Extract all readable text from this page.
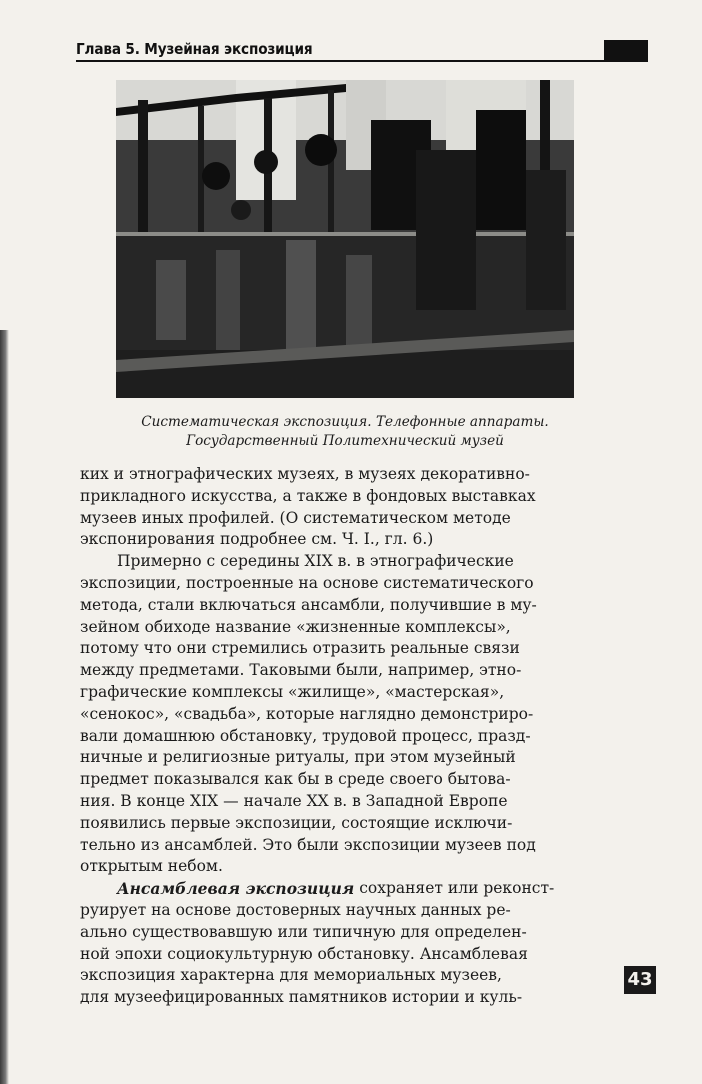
Глава 5. Музейная экспозиция
Систематическая экспозиция. Телефонные аппараты.
Государственный Политехнический музей
ких и этнографических музеях, в музеях декоративно-
прикладного искусства, а также в фондовых выставках
музеев иных профилей. (О систематическом методе
экспонирования подробнее см. Ч. I., гл. 6.)
Примерно с середины XIX в. в этнографические
экспозиции, построенные на основе систематического
метода, стали включаться ансамбли, получившие в му-
зейном обиходе название «жизненные комплексы»,
потому что они стремились отразить реальные связи
между предметами. Таковыми были, например, этно-
графические комплексы «жилище», «мастерская»,
«сенокос», «свадьба», которые наглядно демонстриро-
вали домашнюю обстановку, трудовой процесс, празд-
ничные и религиозные ритуалы, при этом музейный
предмет показывался как бы в среде своего бытова-
ния. В конце XIX — начале XX в. в Западной Европе
появились первые экспозиции, состоящие исключи-
тельно из ансамблей. Это были экспозиции музеев под
открытым небом.
Ансамблевая экспозиция
сохраняет или реконст-
руирует на основе достоверных научных данных ре-
ально существовавшую или типичную для определен-
ной эпохи социокультурную обстановку. Ансамблевая
экспозиция характерна для мемориальных музеев,
для музеефицированных памятников истории и куль-
43
